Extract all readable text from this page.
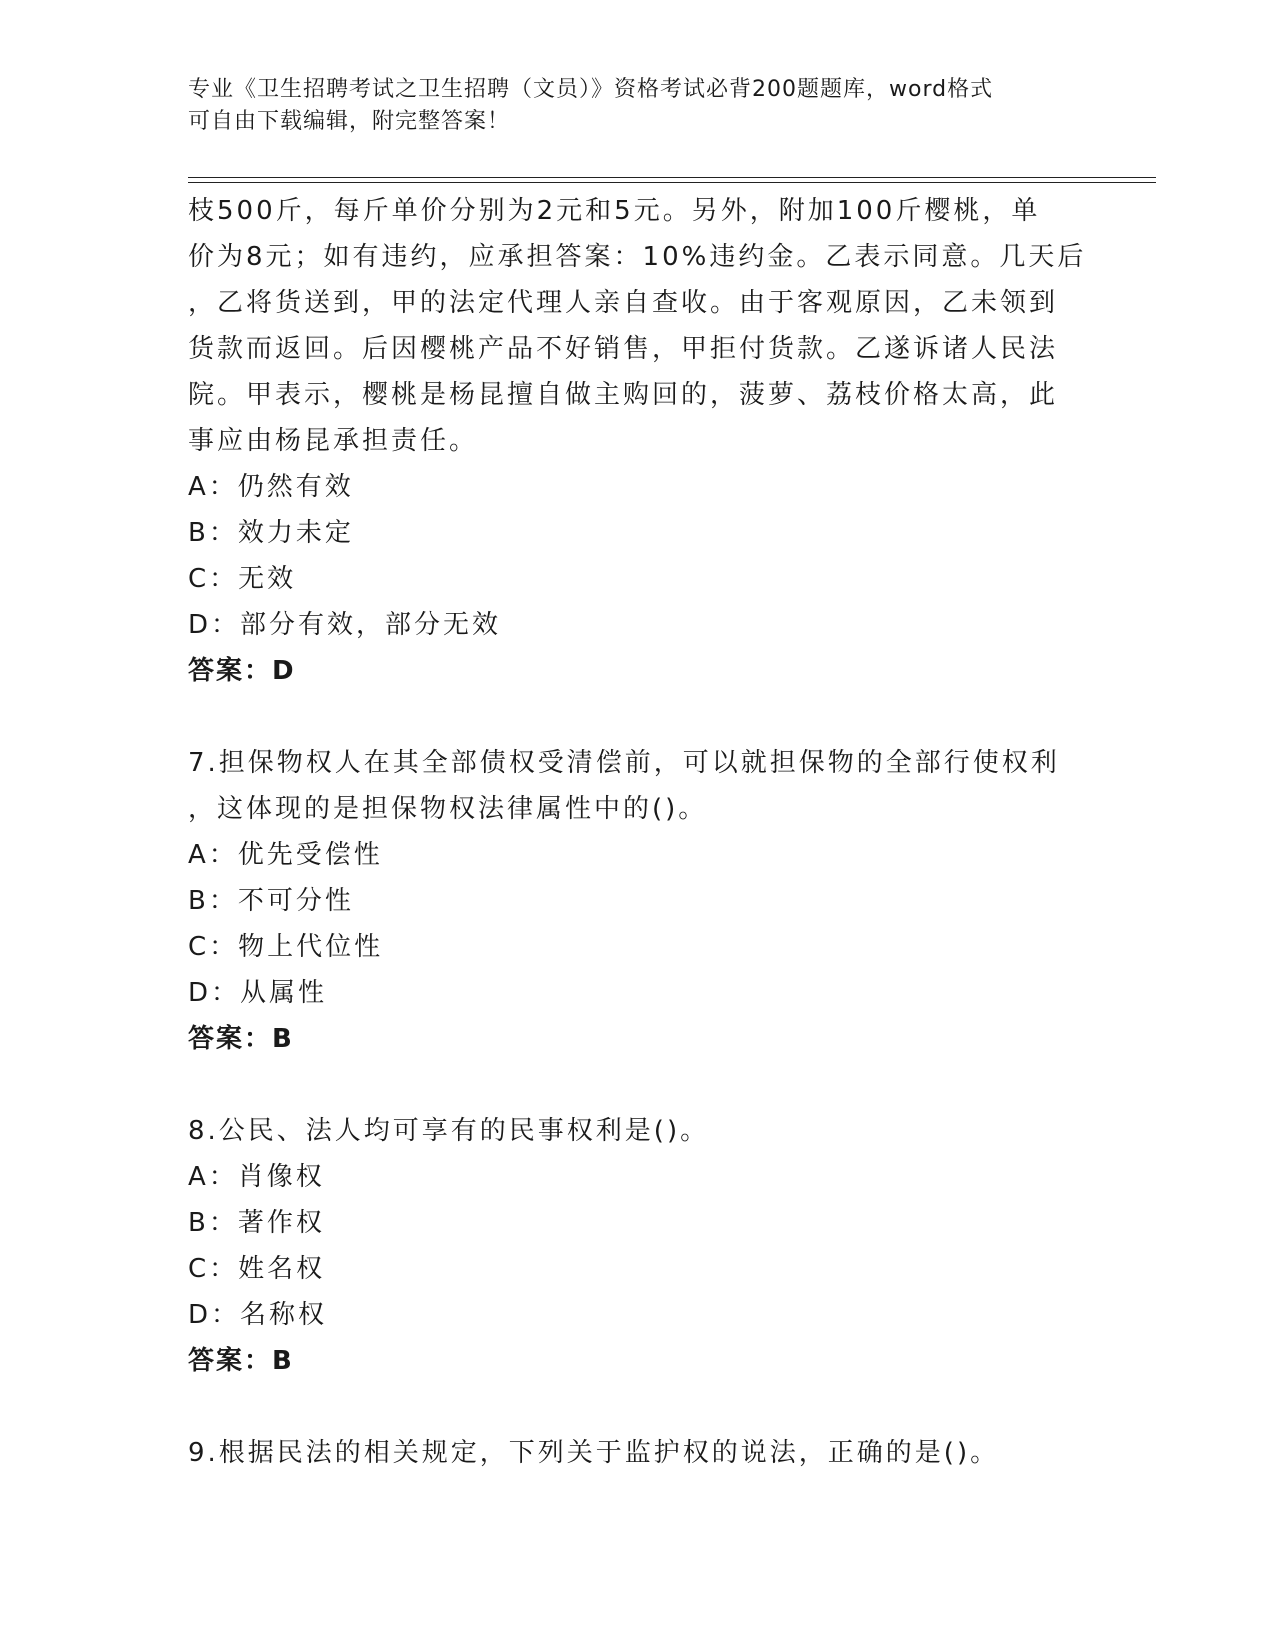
专业《卫生招聘考试之卫生招聘（文员）》资格考试必背200题题库，word格式
可自由下载编辑，附完整答案！
枝500斤，每斤单价分别为2元和5元。另外，附加100斤樱桃，单
价为8元；如有违约，应承担答案：10%违约金。乙表示同意。几天后
，乙将货送到，甲的法定代理人亲自查收。由于客观原因，乙未领到
货款而返回。后因樱桃产品不好销售，甲拒付货款。乙遂诉诸人民法
院。甲表示，樱桃是杨昆擅自做主购回的，菠萝、荔枝价格太高，此
事应由杨昆承担责任。
A：仍然有效
B：效力未定
C：无效
D：部分有效，部分无效
答案：D
7.担保物权人在其全部债权受清偿前，可以就担保物的全部行使权利
，这体现的是担保物权法律属性中的()。
A：优先受偿性
B：不可分性
C：物上代位性
D：从属性
答案：B
8.公民、法人均可享有的民事权利是()。
A：肖像权
B：著作权
C：姓名权
D：名称权
答案：B
9.根据民法的相关规定，下列关于监护权的说法，正确的是()。
